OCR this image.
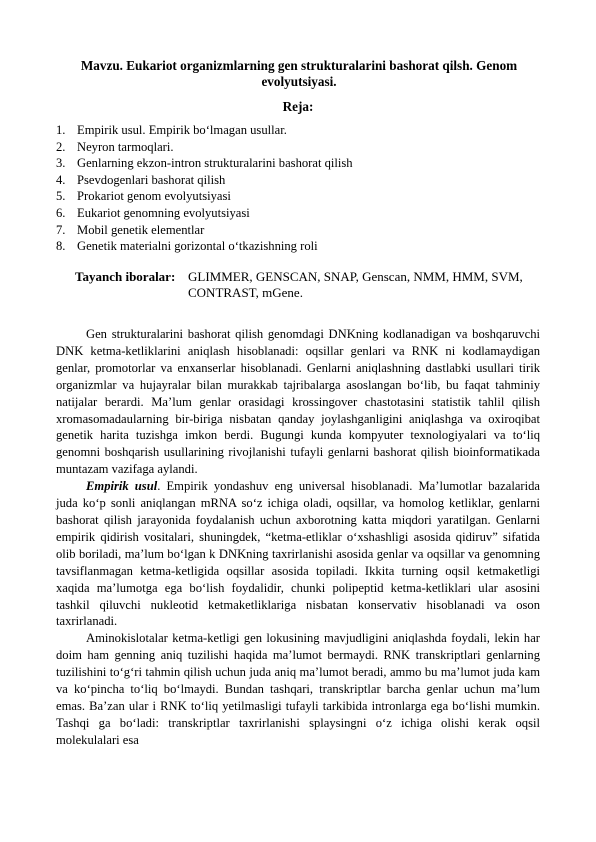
Mavzu. Eukariot organizmlarning gen strukturalarini bashorat qilsh. Genom evolyutsiyasi.
Reja:
1. Empirik usul. Empirik bo‘lmagan usullar.
2. Neyron tarmoqlari.
3. Genlarning ekzon-intron strukturalarini bashorat qilish
4. Psevdogenlari bashorat qilish
5. Prokariot genom evolyutsiyasi
6. Eukariot genomning evolyutsiyasi
7. Mobil genetik elementlar
8. Genetik materialni gorizontal o‘tkazishning roli
Tayanch iboralar: GLIMMER, GENSCAN, SNAP, Genscan, NMM, HMM, SVM, CONTRAST, mGene.

Gen strukturalarini bashorat qilish genomdagi DNKning kodlanadigan va boshqaruvchi DNK ketma-ketliklarini aniqlash hisoblanadi: oqsillar genlari va RNK ni kodlamaydigan genlar, promotorlar va enxanserlar hisoblanadi. Genlarni aniqlashning dastlabki usullari tirik organizmlar va hujayralar bilan murakkab tajribalarga asoslangan bo‘lib, bu faqat tahminiy natijalar berardi. Ma’lum genlar orasidagi krossingover chastotasini statistik tahlil qilish xromasomadaularning bir-biriga nisbatan qanday joylashganligini aniqlashga va oxiroqibat genetik harita tuzishga imkon berdi. Bugungi kunda kompyuter texnologiyalari va to‘liq genomni boshqarish usullarining rivojlanishi tufayli genlarni bashorat qilish bioinformatikada muntazam vazifaga aylandi.

Empirik usul. Empirik yondashuv eng universal hisoblanadi. Ma’lumotlar bazalarida juda ko‘p sonli aniqlangan mRNA so‘z ichiga oladi, oqsillar, va homolog ketliklar, genlarni bashorat qilish jarayonida foydalanish uchun axborotning katta miqdori yaratilgan. Genlarni empirik qidirish vositalari, shuningdek, “ketma-etliklar o‘xshashligi asosida qidiruv” sifatida olib boriladi, ma’lum bo‘lgan k DNKning taxrirlanishi asosida genlar va oqsillar va genomning tavsiflanmagan ketma-ketligida oqsillar asosida topiladi. Ikkita turning oqsil ketmaketligi xaqida ma’lumotga ega bo‘lish foydalidir, chunki polipeptid ketma-ketliklari ular asosini tashkil qiluvchi nukleotid ketmaketliklariga nisbatan konservativ hisoblanadi va oson taxrirlanadi.

Aminokislotalar ketma-ketligi gen lokusining mavjudligini aniqlashda foydali, lekin har doim ham genning aniq tuzilishi haqida ma’lumot bermaydi. RNK transkriptlari genlarning tuzilishini to‘g‘ri tahmin qilish uchun juda aniq ma’lumot beradi, ammo bu ma’lumot juda kam va ko‘pincha to‘liq bo‘lmaydi. Bundan tashqari, transkriptlar barcha genlar uchun ma’lum emas. Ba’zan ular i RNK to‘liq yetilmasligi tufayli tarkibida intronlarga ega bo‘lishi mumkin. Tashqi ga bo‘ladi: transkriptlar taxrirlanishi splaysingni o‘z ichiga olishi kerak oqsil molekulalari esa
